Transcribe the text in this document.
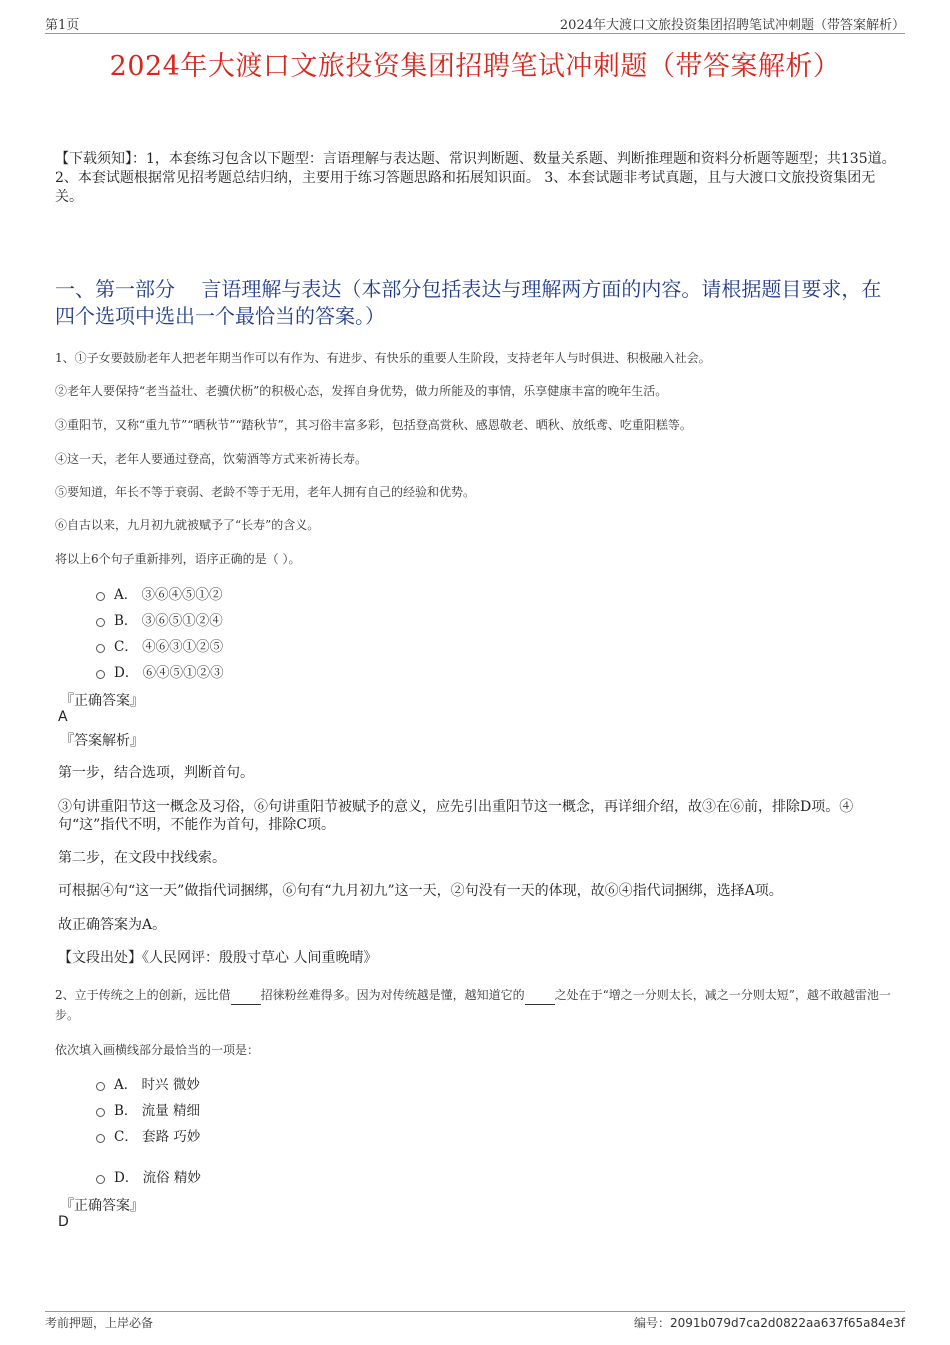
第1页	2024年大渡口文旅投资集团招聘笔试冲刺题（带答案解析）
2024年大渡口文旅投资集团招聘笔试冲刺题（带答案解析）
【下载须知】：1，本套练习包含以下题型：言语理解与表达题、常识判断题、数量关系题、判断推理题和资料分析题等题型；共135道。 2、本套试题根据常见招考题总结归纳，主要用于练习答题思路和拓展知识面。 3、本套试题非考试真题，且与大渡口文旅投资集团无关。
一、第一部分　 言语理解与表达（本部分包括表达与理解两方面的内容。请根据题目要求，在四个选项中选出一个最恰当的答案。）
1、①子女要鼓励老年人把老年期当作可以有作为、有进步、有快乐的重要人生阶段，支持老年人与时俱进、积极融入社会。
②老年人要保持“老当益壮、老骥伏枥”的积极心态，发挥自身优势，做力所能及的事情，乐享健康丰富的晚年生活。
③重阳节，又称“重九节”“晒秋节”“踏秋节”，其习俗丰富多彩，包括登高赏秋、感恩敬老、晒秋、放纸鸢、吃重阳糕等。
④这一天，老年人要通过登高，饮菊酒等方式来祈祷长寿。
⑤要知道，年长不等于衰弱、老龄不等于无用，老年人拥有自己的经验和优势。
⑥自古以来，九月初九就被赋予了“长寿”的含义。
将以上6个句子重新排列，语序正确的是（ ）。
A． ③⑥④⑤①②
B． ③⑥⑤①②④
C． ④⑥③①②⑤
D． ⑥④⑤①②③
『正确答案』
A
『答案解析』
第一步，结合选项，判断首句。
③句讲重阳节这一概念及习俗，⑥句讲重阳节被赋予的意义，应先引出重阳节这一概念，再详细介绍，故③在⑥前，排除D项。④句“这”指代不明，不能作为首句，排除C项。
第二步，在文段中找线索。
可根据④句“这一天”做指代词捆绑，⑥句有“九月初九”这一天，②句没有一天的体现，故⑥④指代词捆绑，选择A项。
故正确答案为A。
【文段出处】《人民网评：殷殷寸草心 人间重晚晴》
2、立于传统之上的创新，远比借	招徕粉丝难得多。因为对传统越是懂，越知道它的	之处在于“增之一分则太长，减之一分则太短”，越不敢越雷池一步。
依次填入画横线部分最恰当的一项是：
A． 时兴 微妙
B． 流量 精细
C． 套路 巧妙
D． 流俗 精妙
『正确答案』
D
考前押题，上岸必备	编号：2091b079d7ca2d0822aa637f65a84e3f
